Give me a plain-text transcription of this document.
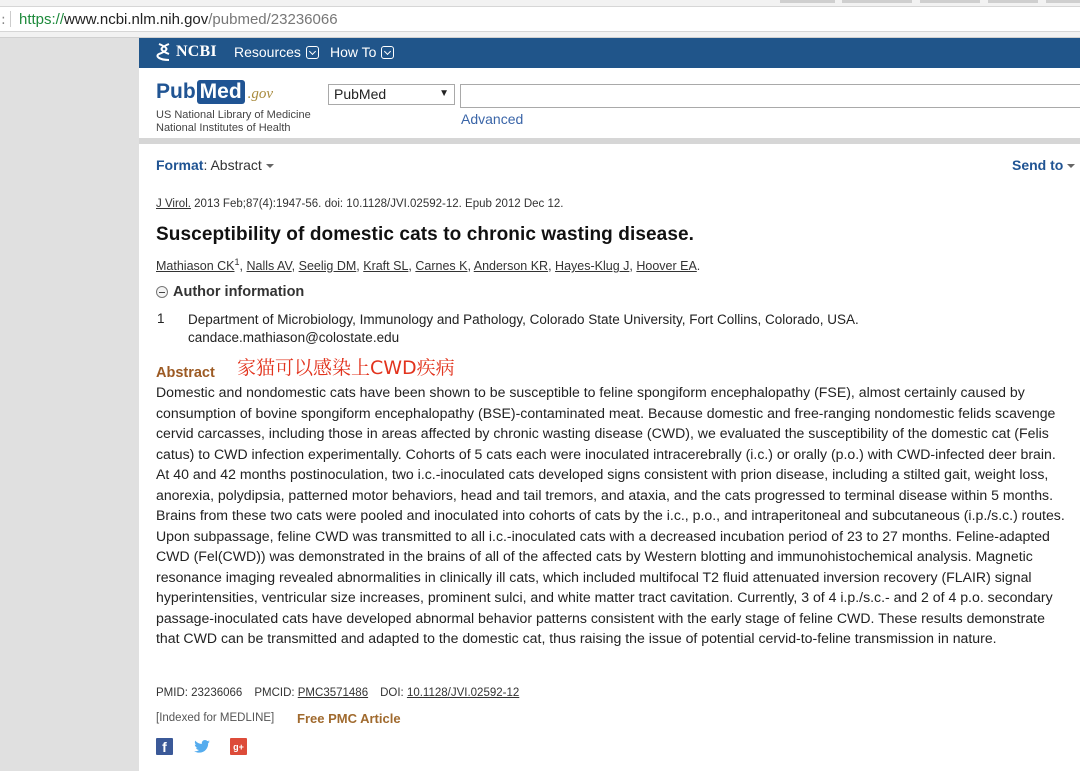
: https://www.ncbi.nlm.nih.gov/pubmed/23236066
NCBI Resources How To
Pub Med .gov
US National Library of Medicine National Institutes of Health
PubMed	▼
Advanced
Format: Abstract	Send to
J Virol. 2013 Feb;87(4):1947-56. doi: 10.1128/JVI.02592-12. Epub 2012 Dec 12.
Susceptibility of domestic cats to chronic wasting disease.
Mathiason $CK^1$, Nalls AV, Seelig DM, Kraft SL, Carnes K, Anderson KR, Hayes-Klug J, Hoover EA.
Author information
1 Department of Microbiology, Immunology and Pathology, Colorado State University, Fort Collins, Colorado, USA. candace.mathiason@colostate.edu
Abstract 家猫可以感染上CWD疾病
Domestic and nondomestic cats have been shown to be susceptible to feline spongiform encephalopathy (FSE), almost certainly caused by consumption of bovine spongiform encephalopathy (BSE)-contaminated meat. Because domestic and free-ranging nondomestic felids scavenge cervid carcasses, including those in areas affected by chronic wasting disease (CWD), we evaluated the susceptibility of the domestic cat (Felis catus) to CWD infection experimentally. Cohorts of 5 cats each were inoculated intracerebrally (i.c.) or orally (p.o.) with CWD-infected deer brain. At 40 and 42 months postinoculation, two i.c.-inoculated cats developed signs consistent with prion disease, including a stilted gait, weight loss, anorexia, polydipsia, patterned motor behaviors, head and tail tremors, and ataxia, and the cats progressed to terminal disease within 5 months. Brains from these two cats were pooled and inoculated into cohorts of cats by the i.c., p.o., and intraperitoneal and subcutaneous (i.p./s.c.) routes. Upon subpassage, feline CWD was transmitted to all i.c.-inoculated cats with a decreased incubation period of 23 to 27 months. Feline-adapted CWD (Fel(CWD)) was demonstrated in the brains of all of the affected cats by Western blotting and immunohistochemical analysis. Magnetic resonance imaging revealed abnormalities in clinically ill cats, which included multifocal T2 fluid attenuated inversion recovery (FLAIR) signal hyperintensities, ventricular size increases, prominent sulci, and white matter tract cavitation. Currently, 3 of 4 i.p./s.c.- and 2 of 4 p.o. secondary passage-inoculated cats have developed abnormal behavior patterns consistent with the early stage of feline CWD. These results demonstrate that CWD can be transmitted and adapted to the domestic cat, thus raising the issue of potential cervid-to-feline transmission in nature.
PMID: 23236066 PMCID: PMC3571486 DOI: 10.1128/JVI.02592-12
[Indexed for MEDLINE] Free PMC Article
f	g+
